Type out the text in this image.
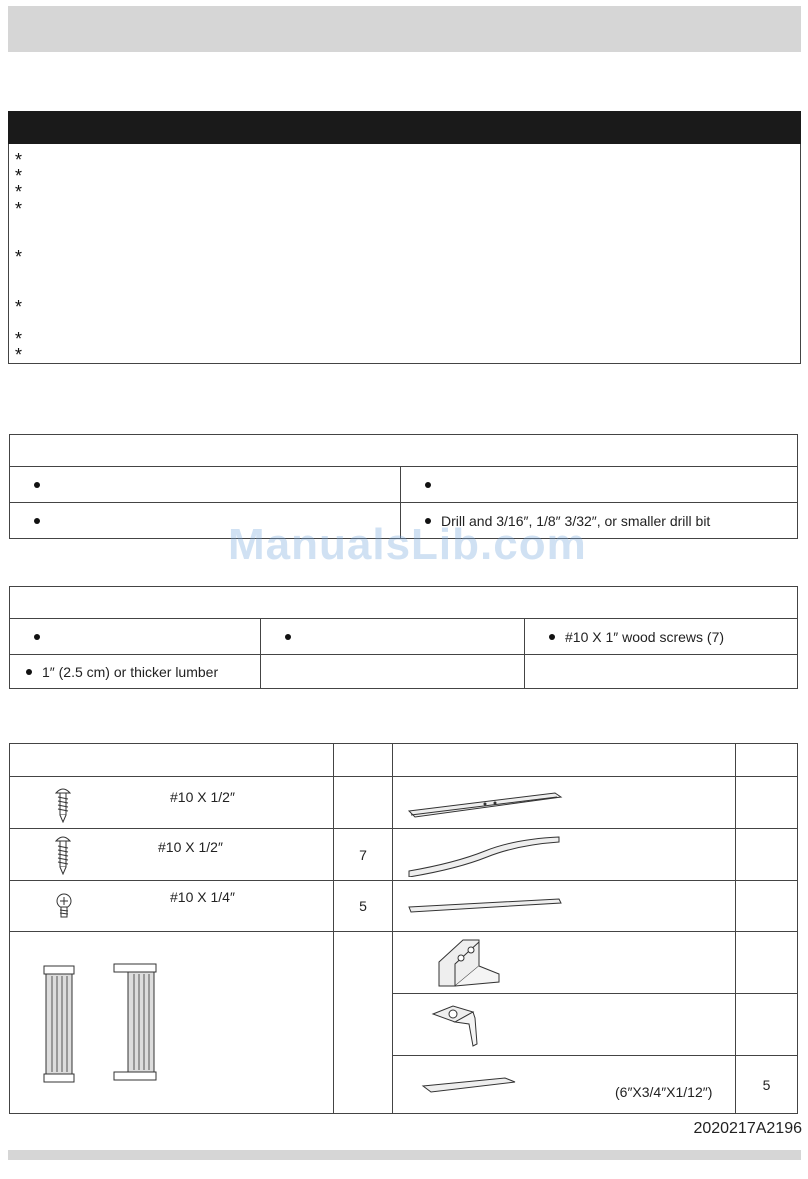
*
*
*
*
*
*
*
*

	Drill and 3/16″, 1/8″ 3/32″, or smaller drill bit

		#10 X 1″ wood screws (7)
1″ (2.5 cm) or thicker lumber		

#10 X 1/2″

#10 X 1/2″	7	

#10 X 1/4″	5	

		(6″X3/4″X1/12″)	5
ManualsLib.com
2020217A2196
